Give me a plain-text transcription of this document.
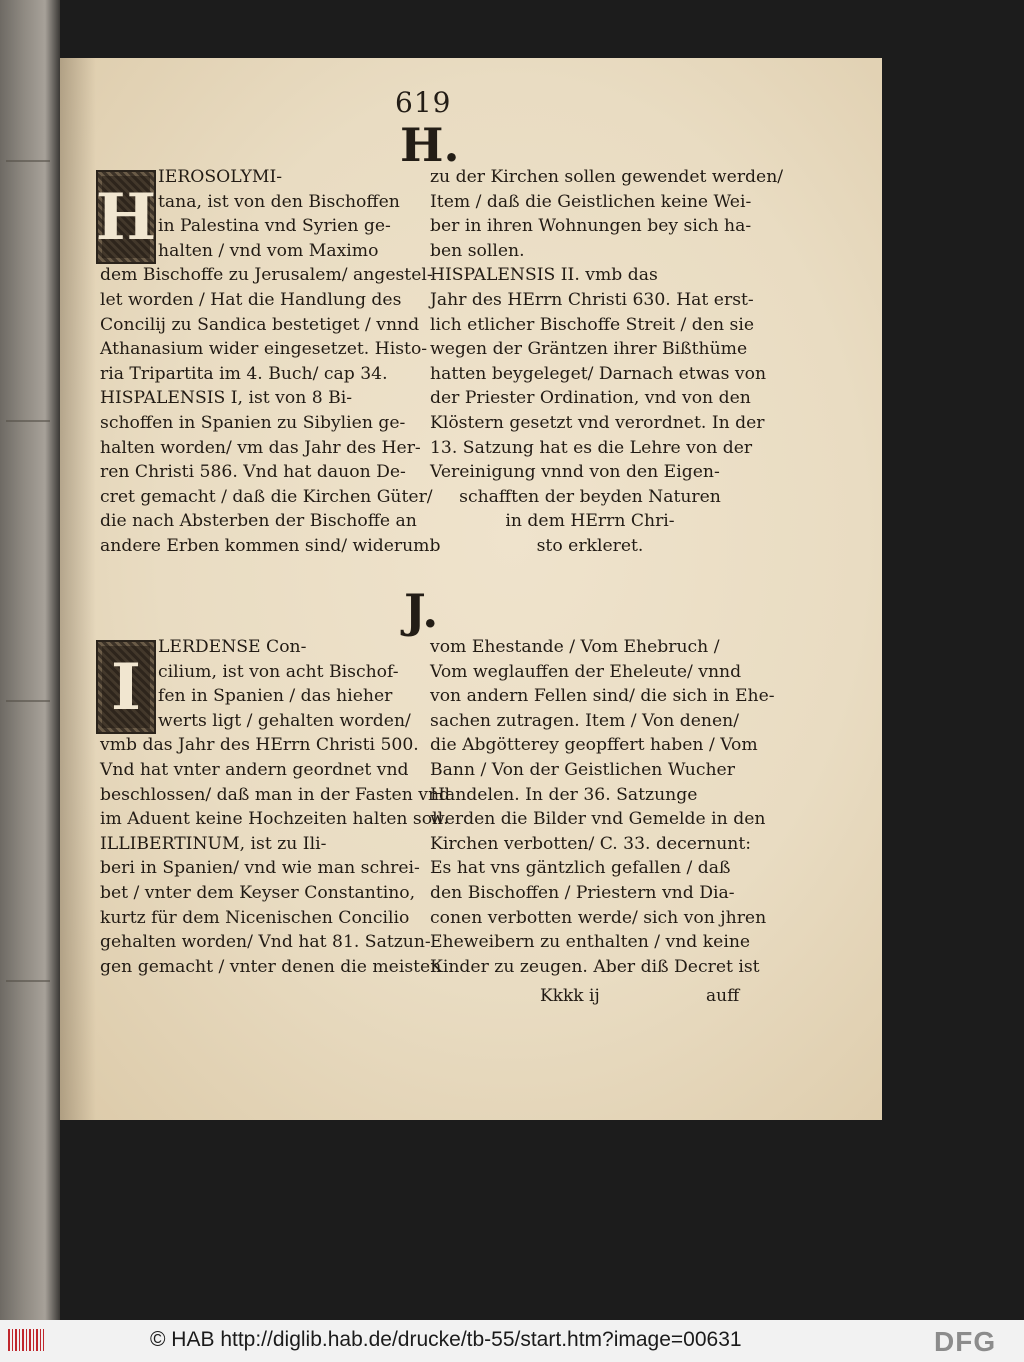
619
H.
H
IEROSOLYMI-
tana, ist von den Bischoffen
in Palestina vnd Syrien ge-
halten / vnd vom Maximo
dem Bischoffe zu Jerusalem/ angestel-
let worden / Hat die Handlung des
Concilij zu Sandica bestetiget / vnnd
Athanasium wider eingesetzet. Histo-
ria Tripartita im 4. Buch/ cap 34.
HISPALENSIS I, ist von 8 Bi-
schoffen in Spanien zu Sibylien ge-
halten worden/ vm das Jahr des Her-
ren Christi 586. Vnd hat dauon De-
cret gemacht / daß die Kirchen Güter/
die nach Absterben der Bischoffe an
andere Erben kommen sind/ widerumb
zu der Kirchen sollen gewendet werden/
Item / daß die Geistlichen keine Wei-
ber in ihren Wohnungen bey sich ha-
ben sollen.
HISPALENSIS II. vmb das
Jahr des HErrn Christi 630. Hat erst-
lich etlicher Bischoffe Streit / den sie
wegen der Gräntzen ihrer Bißthüme
hatten beygeleget/ Darnach etwas von
der Priester Ordination, vnd von den
Klöstern gesetzt vnd verordnet. In der
13. Satzung hat es die Lehre von der
Vereinigung vnnd von den Eigen-
schafften der beyden Naturen
in dem HErrn Chri-
sto erkleret.
J.
I
LERDENSE Con-
cilium, ist von acht Bischof-
fen in Spanien / das hieher
werts ligt / gehalten worden/
vmb das Jahr des HErrn Christi 500.
Vnd hat vnter andern geordnet vnd
beschlossen/ daß man in der Fasten vnd
im Aduent keine Hochzeiten halten soll.
ILLIBERTINUM, ist zu Ili-
beri in Spanien/ vnd wie man schrei-
bet / vnter dem Keyser Constantino,
kurtz für dem Nicenischen Concilio
gehalten worden/ Vnd hat 81. Satzun-
gen gemacht / vnter denen die meisten
vom Ehestande / Vom Ehebruch /
Vom weglauffen der Eheleute/ vnnd
von andern Fellen sind/ die sich in Ehe-
sachen zutragen. Item / Von denen/
die Abgötterey geopffert haben / Vom
Bann / Von der Geistlichen Wucher
Handelen. In der 36. Satzunge
werden die Bilder vnd Gemelde in den
Kirchen verbotten/ C. 33. decernunt:
Es hat vns gäntzlich gefallen / daß
den Bischoffen / Priestern vnd Dia-
conen verbotten werde/ sich von jhren
Eheweibern zu enthalten / vnd keine
Kinder zu zeugen. Aber diß Decret ist
Kkkk ij	auff
© HAB http://diglib.hab.de/drucke/tb-55/start.htm?image=00631	DFG
